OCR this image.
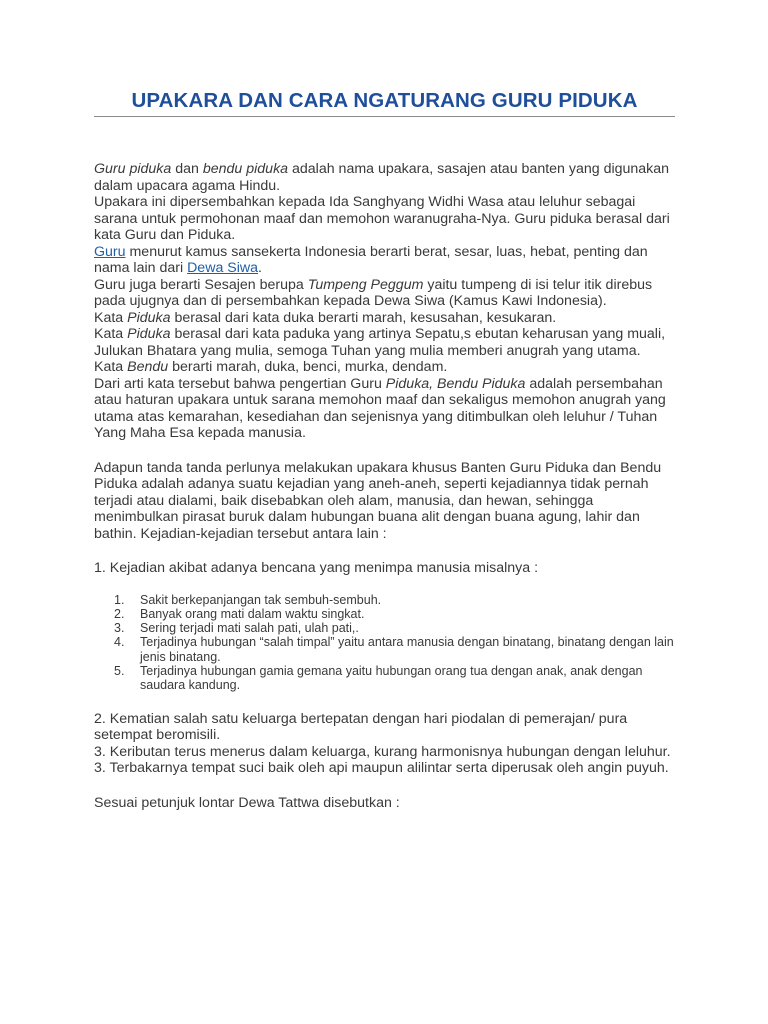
UPAKARA DAN CARA NGATURANG GURU PIDUKA

Guru piduka dan bendu piduka adalah nama upakara, sasajen atau banten yang digunakan dalam upacara agama Hindu.

Upakara ini dipersembahkan kepada Ida Sanghyang Widhi Wasa atau leluhur sebagai sarana untuk permohonan maaf dan memohon waranugraha-Nya. Guru piduka berasal dari kata Guru dan Piduka.

Guru menurut kamus sansekerta Indonesia berarti berat, sesar, luas, hebat, penting dan nama lain dari Dewa Siwa.

Guru juga berarti Sesajen berupa Tumpeng Peggum yaitu tumpeng di isi telur itik direbus pada ujugnya dan di persembahkan kepada Dewa Siwa (Kamus Kawi Indonesia).

Kata Piduka berasal dari kata duka berarti marah, kesusahan, kesukaran.

Kata Piduka berasal dari kata paduka yang artinya Sepatu,s ebutan keharusan yang muali, Julukan Bhatara yang mulia, semoga Tuhan yang mulia memberi anugrah yang utama.

Kata Bendu berarti marah, duka, benci, murka, dendam.

Dari arti kata tersebut bahwa pengertian Guru Piduka, Bendu Piduka adalah persembahan atau haturan upakara untuk sarana memohon maaf dan sekaligus memohon anugrah yang utama atas kemarahan, kesediahan dan sejenisnya yang ditimbulkan oleh leluhur / Tuhan Yang Maha Esa kepada manusia.

Adapun tanda tanda perlunya melakukan upakara khusus Banten Guru Piduka dan Bendu Piduka adalah adanya suatu kejadian yang aneh-aneh, seperti kejadiannya tidak pernah terjadi atau dialami, baik disebabkan oleh alam, manusia, dan hewan, sehingga menimbulkan pirasat buruk dalam hubungan buana alit dengan buana agung, lahir dan bathin. Kejadian-kejadian tersebut antara lain :

1. Kejadian akibat adanya bencana yang menimpa manusia misalnya :

1.	Sakit berkepanjangan tak sembuh-sembuh.
2.	Banyak orang mati dalam waktu singkat.
3.	Sering terjadi mati salah pati, ulah pati,.
4.	Terjadinya hubungan “salah timpal” yaitu antara manusia dengan binatang, binatang dengan lain jenis binatang.
5.	Terjadinya hubungan gamia gemana yaitu hubungan orang tua dengan anak, anak dengan saudara kandung.

2. Kematian salah satu keluarga bertepatan dengan hari piodalan di pemerajan/ pura setempat beromisili.

3. Keributan terus menerus dalam keluarga, kurang harmonisnya hubungan dengan leluhur.

3. Terbakarnya tempat suci baik oleh api maupun alilintar serta diperusak oleh angin puyuh.

Sesuai petunjuk lontar Dewa Tattwa disebutkan :
